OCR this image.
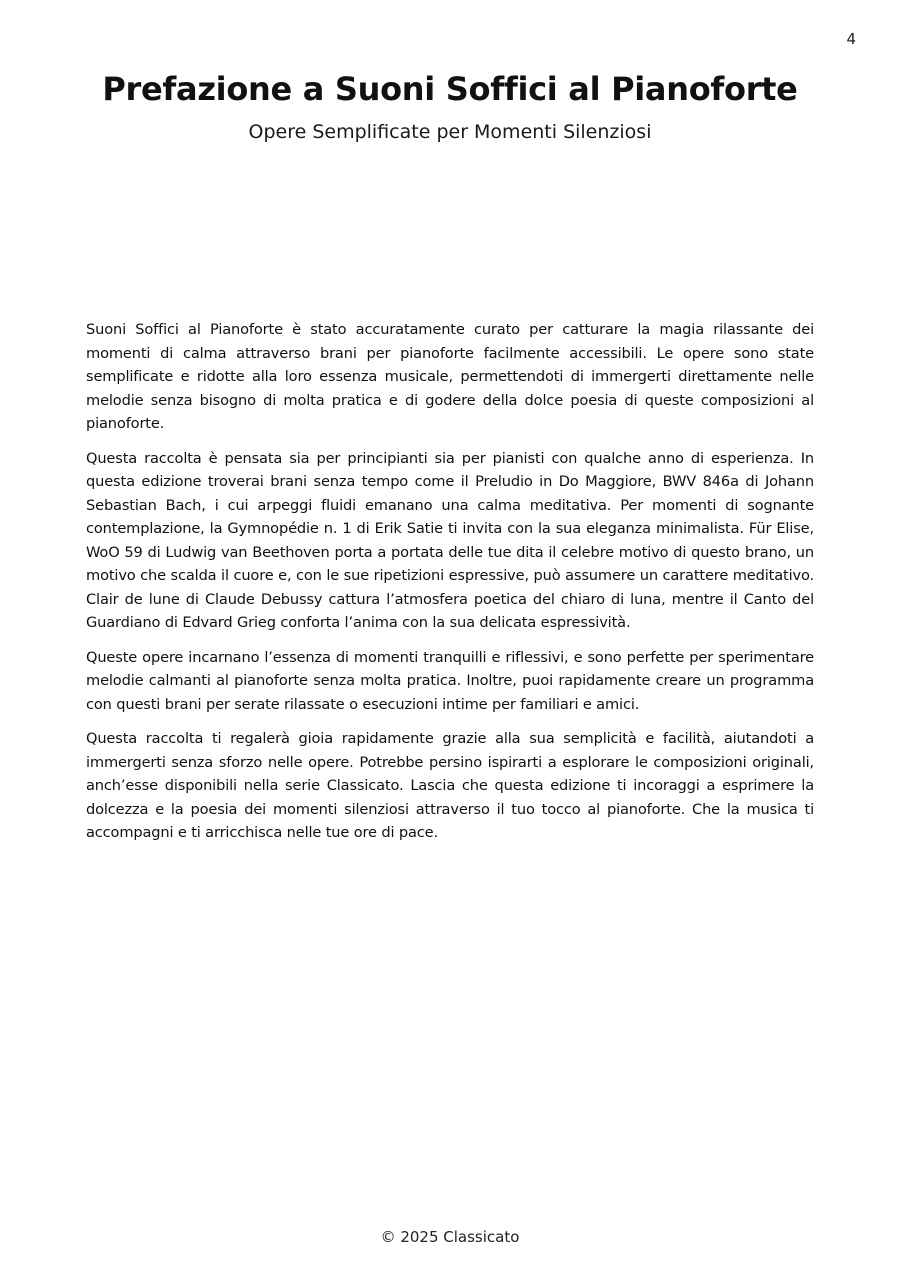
4
Prefazione a Suoni Soffici al Pianoforte
Opere Semplificate per Momenti Silenziosi

Suoni Soffici al Pianoforte è stato accuratamente curato per catturare la magia rilassante dei momenti di calma attraverso brani per pianoforte facilmente accessibili. Le opere sono state semplificate e ridotte alla loro essenza musicale, permettendoti di immergerti direttamente nelle melodie senza bisogno di molta pratica e di godere della dolce poesia di queste composizioni al pianoforte.

Questa raccolta è pensata sia per principianti sia per pianisti con qualche anno di esperienza. In questa edizione troverai brani senza tempo come il Preludio in Do Maggiore, BWV 846a di Johann Sebastian Bach, i cui arpeggi fluidi emanano una calma meditativa. Per momenti di sognante contemplazione, la Gymnopédie n. 1 di Erik Satie ti invita con la sua eleganza minimalista. Für Elise, WoO 59 di Ludwig van Beethoven porta a portata delle tue dita il celebre motivo di questo brano, un motivo che scalda il cuore e, con le sue ripetizioni espressive, può assumere un carattere meditativo. Clair de lune di Claude Debussy cattura l’atmosfera poetica del chiaro di luna, mentre il Canto del Guardiano di Edvard Grieg conforta l’anima con la sua delicata espressività.

Queste opere incarnano l’essenza di momenti tranquilli e riflessivi, e sono perfette per sperimentare melodie calmanti al pianoforte senza molta pratica. Inoltre, puoi rapidamente creare un programma con questi brani per serate rilassate o esecuzioni intime per familiari e amici.

Questa raccolta ti regalerà gioia rapidamente grazie alla sua semplicità e facilità, aiutandoti a immergerti senza sforzo nelle opere. Potrebbe persino ispirarti a esplorare le composizioni originali, anch’esse disponibili nella serie Classicato. Lascia che questa edizione ti incoraggi a esprimere la dolcezza e la poesia dei momenti silenziosi attraverso il tuo tocco al pianoforte. Che la musica ti accompagni e ti arricchisca nelle tue ore di pace.

© 2025 Classicato
